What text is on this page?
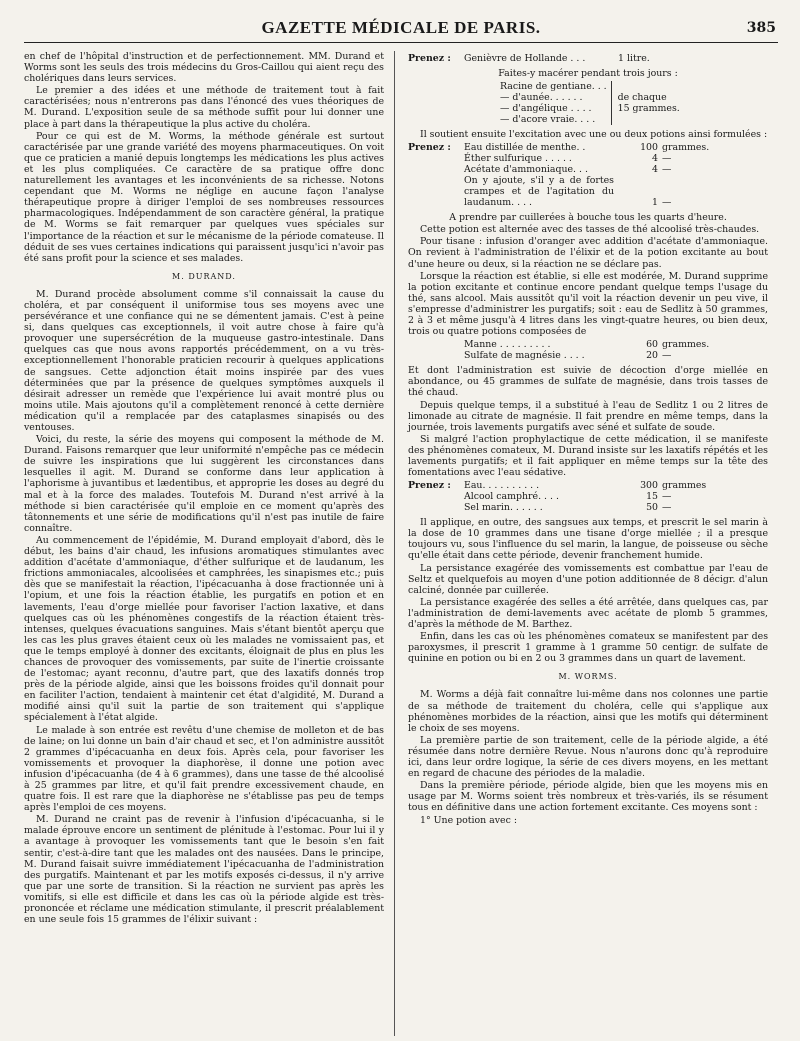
GAZETTE MÉDICALE DE PARIS.	385

en chef de l'hôpital d'instruction et de perfectionnement. MM. Durand et Worms sont les seuls des trois médecins du Gros-Caillou qui aient reçu des cholériques dans leurs services.

Le premier a des idées et une méthode de traitement tout à fait caractérisées; nous n'entrerons pas dans l'énoncé des vues théoriques de M. Durand. L'exposition seule de sa méthode suffit pour lui donner une place à part dans la thérapeutique la plus active du choléra.

Pour ce qui est de M. Worms, la méthode générale est surtout caractérisée par une grande variété des moyens pharmaceutiques. On voit que ce praticien a manié depuis longtemps les médications les plus actives et les plus compliquées. Ce caractère de sa pratique offre donc naturellement les avantages et les inconvénients de sa richesse. Notons cependant que M. Worms ne néglige en aucune façon l'analyse thérapeutique propre à diriger l'emploi de ses nombreuses ressources pharmacologiques. Indépendamment de son caractère général, la pratique de M. Worms se fait remarquer par quelques vues spéciales sur l'importance de la réaction et sur le mécanisme de la période comateuse. Il déduit de ses vues certaines indications qui paraissent jusqu'ici n'avoir pas été sans profit pour la science et ses malades.

M. DURAND.

M. Durand procède absolument comme s'il connaissait la cause du choléra, et par conséquent il uniformise tous ses moyens avec une persévérance et une confiance qui ne se démentent jamais. C'est à peine si, dans quelques cas exceptionnels, il voit autre chose à faire qu'à provoquer une supersécrétion de la muqueuse gastro-intestinale. Dans quelques cas que nous avons rapportés précédemment, on a vu très-exceptionnellement l'honorable praticien recourir à quelques applications de sangsues. Cette adjonction était moins inspirée par des vues déterminées que par la présence de quelques symptômes auxquels il désirait adresser un remède que l'expérience lui avait montré plus ou moins utile. Mais ajoutons qu'il a complètement renoncé à cette dernière médication qu'il a remplacée par des cataplasmes sinapisés ou des ventouses.

Voici, du reste, la série des moyens qui composent la méthode de M. Durand. Faisons remarquer que leur uniformité n'empêche pas ce médecin de suivre les inspirations que lui suggèrent les circonstances dans lesquelles il agit. M. Durand se conforme dans leur application à l'aphorisme à juvantibus et lædentibus, et approprie les doses au degré du mal et à la force des malades. Toutefois M. Durand n'est arrivé à la méthode si bien caractérisée qu'il emploie en ce moment qu'après des tâtonnements et une série de modifications qu'il n'est pas inutile de faire connaître.

Au commencement de l'épidémie, M. Durand employait d'abord, dès le début, les bains d'air chaud, les infusions aromatiques stimulantes avec addition d'acétate d'ammoniaque, d'éther sulfurique et de laudanum, les frictions ammoniacales, alcoolisées et camphrées, les sinapismes etc.; puis dès que se manifestait la réaction, l'ipécacuanha à dose fractionnée uni à l'opium, et une fois la réaction établie, les purgatifs en potion et en lavements, l'eau d'orge miellée pour favoriser l'action laxative, et dans quelques cas où les phénomènes congestifs de la réaction étaient très-intenses, quelques évacuations sanguines. Mais s'étant bientôt aperçu que les cas les plus graves étaient ceux où les malades ne vomissaient pas, et que le temps employé à donner des excitants, éloignait de plus en plus les chances de provoquer des vomissements, par suite de l'inertie croissante de l'estomac; ayant reconnu, d'autre part, que des laxatifs donnés trop près de la période algide, ainsi que les boissons froides qu'il donnait pour en faciliter l'action, tendaient à maintenir cet état d'algidité, M. Durand a modifié ainsi qu'il suit la partie de son traitement qui s'applique spécialement à l'état algide.

Le malade à son entrée est revêtu d'une chemise de molleton et de bas de laine; on lui donne un bain d'air chaud et sec, et l'on administre aussitôt 2 grammes d'ipécacuanha en deux fois. Après cela, pour favoriser les vomissements et provoquer la diaphorèse, il donne une potion avec infusion d'ipécacuanha (de 4 à 6 grammes), dans une tasse de thé alcoolisé à 25 grammes par litre, et qu'il fait prendre excessivement chaude, en quatre fois. Il est rare que la diaphorèse ne s'établisse pas peu de temps après l'emploi de ces moyens.

M. Durand ne craint pas de revenir à l'infusion d'ipécacuanha, si le malade éprouve encore un sentiment de plénitude à l'estomac. Pour lui il y a avantage à provoquer les vomissements tant que le besoin s'en fait sentir, c'est-à-dire tant que les malades ont des nausées. Dans le principe, M. Durand faisait suivre immédiatement l'ipécacuanha de l'administration des purgatifs. Maintenant et par les motifs exposés ci-dessus, il n'y arrive que par une sorte de transition. Si la réaction ne survient pas après les vomitifs, si elle est difficile et dans les cas où la période algide est très-prononcée et réclame une médication stimulante, il prescrit préalablement en une seule fois 15 grammes de l'élixir suivant :

Prenez :	Genièvre de Hollande . . .	1 litre.

Faites-y macérer pendant trois jours :

Racine de gentiane. . .
— d'aunée. . . . . .
— d'angélique . . . .
— d'acore vraie. . . .

de chaque
15 grammes.

Il soutient ensuite l'excitation avec une ou deux potions ainsi formulées :

Prenez :	Eau distillée de menthe. .	100	grammes.
	Éther sulfurique . . . . .	4	—
	Acétate d'ammoniaque. . .	4	—
	On y ajoute, s'il y a de fortes crampes et de l'agitation du laudanum. . . .	1	—

A prendre par cuillerées à bouche tous les quarts d'heure.

Cette potion est alternée avec des tasses de thé alcoolisé très-chaudes.

Pour tisane : infusion d'oranger avec addition d'acétate d'ammoniaque. On revient à l'administration de l'élixir et de la potion excitante au bout d'une heure ou deux, si la réaction ne se déclare pas.

Lorsque la réaction est établie, si elle est modérée, M. Durand supprime la potion excitante et continue encore pendant quelque temps l'usage du thé, sans alcool. Mais aussitôt qu'il voit la réaction devenir un peu vive, il s'empresse d'administrer les purgatifs; soit : eau de Sedlitz à 50 grammes, 2 à 3 et même jusqu'à 4 litres dans les vingt-quatre heures, ou bien deux, trois ou quatre potions composées de

Manne . . . . . . . . .	60	grammes.
Sulfate de magnésie . . . .	20	—

Et dont l'administration est suivie de décoction d'orge miellée en abondance, ou 45 grammes de sulfate de magnésie, dans trois tasses de thé chaud.

Depuis quelque temps, il a substitué à l'eau de Sedlitz 1 ou 2 litres de limonade au citrate de magnésie. Il fait prendre en même temps, dans la journée, trois lavements purgatifs avec séné et sulfate de soude.

Si malgré l'action prophylactique de cette médication, il se manifeste des phénomènes comateux, M. Durand insiste sur les laxatifs répétés et les lavements purgatifs; et il fait appliquer en même temps sur la tête des fomentations avec l'eau sédative.

Prenez :	Eau. . . . . . . . . .	300	grammes
	Alcool camphré. . . .	15	—
	Sel marin. . . . . .	50	—

Il applique, en outre, des sangsues aux temps, et prescrit le sel marin à la dose de 10 grammes dans une tisane d'orge miellée ; il a presque toujours vu, sous l'influence du sel marin, la langue, de poisseuse ou sèche qu'elle était dans cette période, devenir franchement humide.

La persistance exagérée des vomissements est combattue par l'eau de Seltz et quelquefois au moyen d'une potion additionnée de 8 décigr. d'alun calciné, donnée par cuillerée.

La persistance exagérée des selles a été arrêtée, dans quelques cas, par l'administration de demi-lavements avec acétate de plomb 5 grammes, d'après la méthode de M. Barthez.

Enfin, dans les cas où les phénomènes comateux se manifestent par des paroxysmes, il prescrit 1 gramme à 1 gramme 50 centigr. de sulfate de quinine en potion ou bi en 2 ou 3 grammes dans un quart de lavement.

M. WORMS.

M. Worms a déjà fait connaître lui-même dans nos colonnes une partie de sa méthode de traitement du choléra, celle qui s'applique aux phénomènes morbides de la réaction, ainsi que les motifs qui déterminent le choix de ses moyens.

La première partie de son traitement, celle de la période algide, a été résumée dans notre dernière Revue. Nous n'aurons donc qu'à reproduire ici, dans leur ordre logique, la série de ces divers moyens, en les mettant en regard de chacune des périodes de la maladie.

Dans la première période, période algide, bien que les moyens mis en usage par M. Worms soient très nombreux et très-variés, ils se résument tous en définitive dans une action fortement excitante. Ces moyens sont :

1° Une potion avec :
